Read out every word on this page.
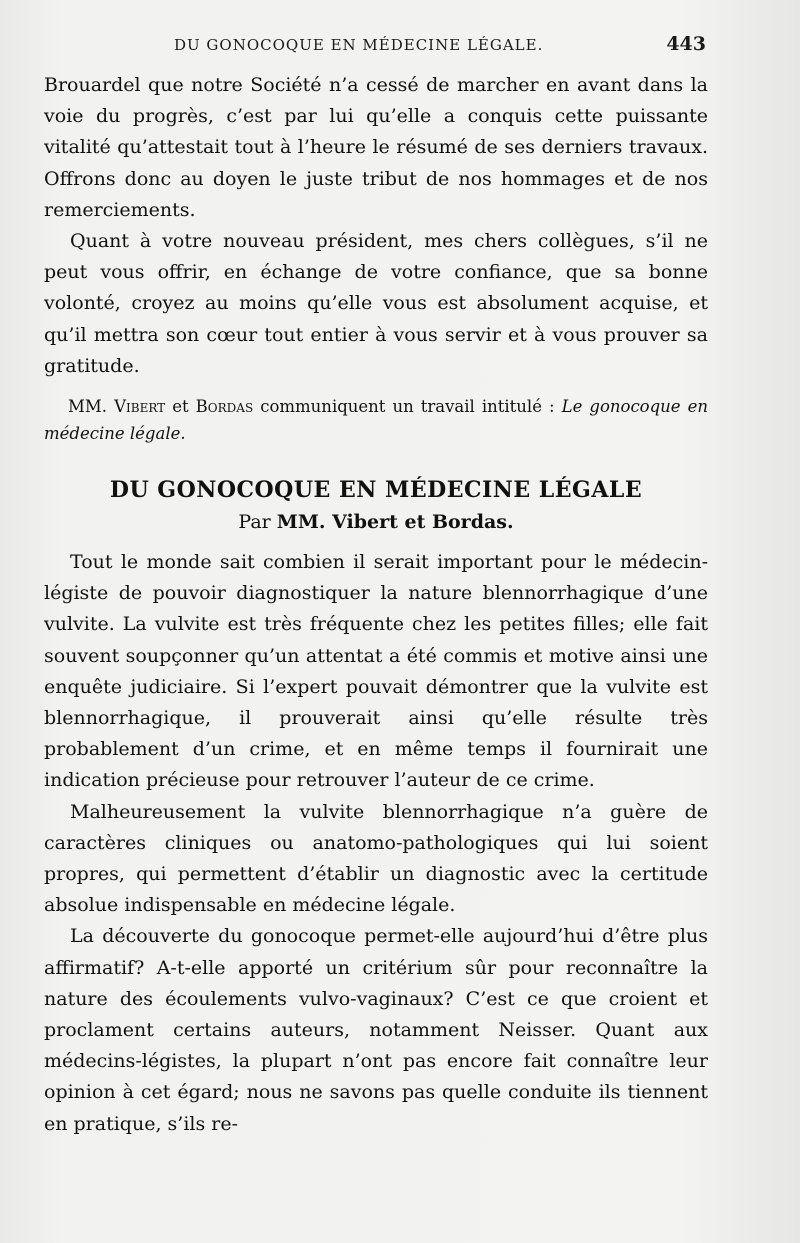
DU GONOCOQUE EN MÉDECINE LÉGALE.	443

Brouardel que notre Société n’a cessé de marcher en avant dans la voie du progrès, c’est par lui qu’elle a conquis cette puissante vitalité qu’attestait tout à l’heure le résumé de ses derniers travaux. Offrons donc au doyen le juste tribut de nos hommages et de nos remerciements.

Quant à votre nouveau président, mes chers collègues, s’il ne peut vous offrir, en échange de votre confiance, que sa bonne volonté, croyez au moins qu’elle vous est absolument acquise, et qu’il mettra son cœur tout entier à vous servir et à vous prouver sa gratitude.

MM. Vibert et Bordas communiquent un travail intitulé : Le gonocoque en médecine légale.

DU GONOCOQUE EN MÉDECINE LÉGALE
Par MM. Vibert et Bordas.

Tout le monde sait combien il serait important pour le médecin-légiste de pouvoir diagnostiquer la nature blennorrhagique d’une vulvite. La vulvite est très fréquente chez les petites filles; elle fait souvent soupçonner qu’un attentat a été commis et motive ainsi une enquête judiciaire. Si l’expert pouvait démontrer que la vulvite est blennorrhagique, il prouverait ainsi qu’elle résulte très probablement d’un crime, et en même temps il fournirait une indication précieuse pour retrouver l’auteur de ce crime.

Malheureusement la vulvite blennorrhagique n’a guère de caractères cliniques ou anatomo-pathologiques qui lui soient propres, qui permettent d’établir un diagnostic avec la certitude absolue indispensable en médecine légale.

La découverte du gonocoque permet-elle aujourd’hui d’être plus affirmatif? A-t-elle apporté un critérium sûr pour reconnaître la nature des écoulements vulvo-vaginaux? C’est ce que croient et proclament certains auteurs, notamment Neisser. Quant aux médecins-légistes, la plupart n’ont pas encore fait connaître leur opinion à cet égard; nous ne savons pas quelle conduite ils tiennent en pratique, s’ils re-
